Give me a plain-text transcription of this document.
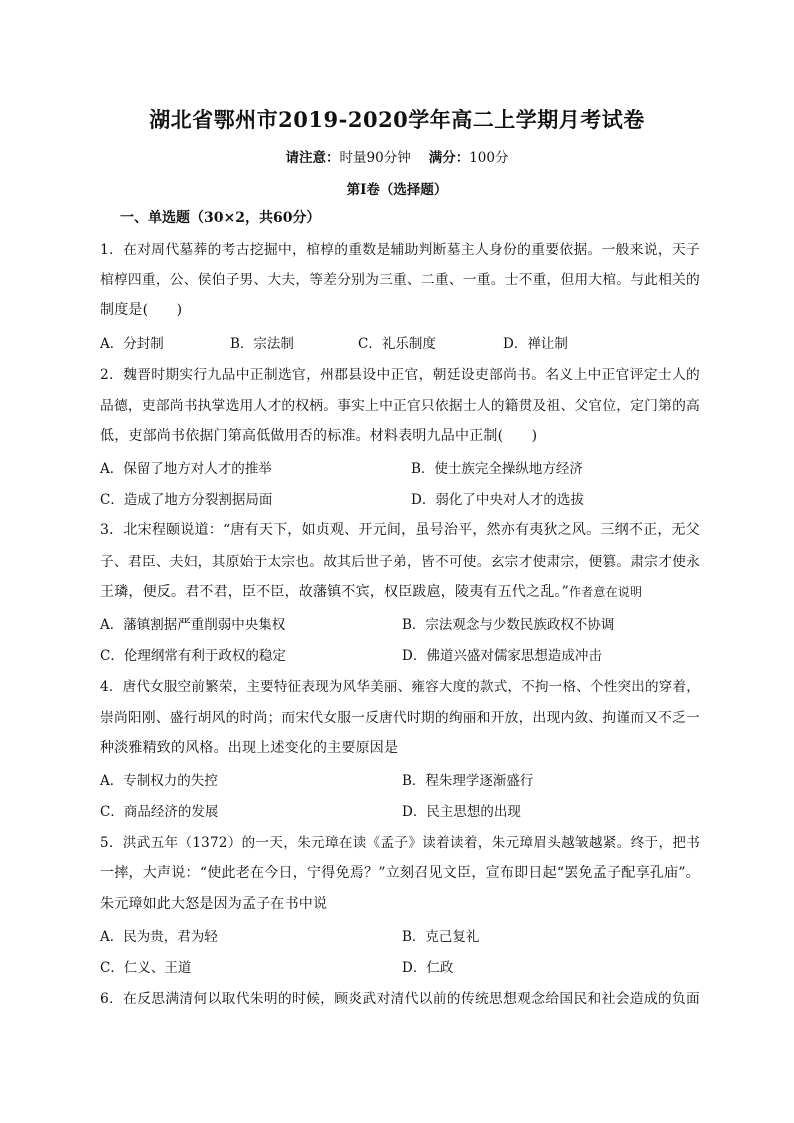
湖北省鄂州市2019-2020学年高二上学期月考试卷
请注意：时量90分钟 满分：100分
第Ⅰ卷（选择题）
一、单选题（30×2，共60分）
1．在对周代墓葬的考古挖掘中，棺椁的重数是辅助判断墓主人身份的重要依据。一般来说，天子
棺椁四重，公、侯伯子男、大夫，等差分别为三重、二重、一重。士不重，但用大棺。与此相关的
制度是(　　)
A．分封制	B．宗法制	C．礼乐制度	D．禅让制
2．魏晋时期实行九品中正制选官，州郡县设中正官，朝廷设吏部尚书。名义上中正官评定士人的
品德，吏部尚书执掌选用人才的权柄。事实上中正官只依据士人的籍贯及祖、父官位，定门第的高
低，吏部尚书依据门第高低做用否的标准。材料表明九品中正制(　　)
A．保留了地方对人才的推举	B．使士族完全操纵地方经济
C．造成了地方分裂割据局面	D．弱化了中央对人才的选拔
3．北宋程颐说道：“唐有天下，如贞观、开元间，虽号治平，然亦有夷狄之风。三纲不正，无父
子、君臣、夫妇，其原始于太宗也。故其后世子弟，皆不可使。玄宗才使肃宗，便篡。肃宗才使永
王璘，便反。君不君，臣不臣，故藩镇不宾，权臣跋扈，陵夷有五代之乱。”作者意在说明
A．藩镇割据严重削弱中央集权	B．宗法观念与少数民族政权不协调
C．伦理纲常有利于政权的稳定	D．佛道兴盛对儒家思想造成冲击
4．唐代女服空前繁荣，主要特征表现为风华美丽、雍容大度的款式，不拘一格、个性突出的穿着，
崇尚阳刚、盛行胡风的时尚；而宋代女服一反唐代时期的绚丽和开放，出现内敛、拘谨而又不乏一
种淡雅精致的风格。出现上述变化的主要原因是
A．专制权力的失控	B．程朱理学逐渐盛行
C．商品经济的发展	D．民主思想的出现
5．洪武五年（1372）的一天，朱元璋在读《孟子》读着读着，朱元璋眉头越皱越紧。终于，把书
一摔，大声说：“使此老在今日，宁得免焉？”立刻召见文臣，宣布即日起“罢免孟子配享孔庙”。
朱元璋如此大怒是因为孟子在书中说
A．民为贵，君为轻	B．克己复礼
C．仁义、王道	D．仁政
6．在反思满清何以取代朱明的时候，顾炎武对清代以前的传统思想观念给国民和社会造成的负面
